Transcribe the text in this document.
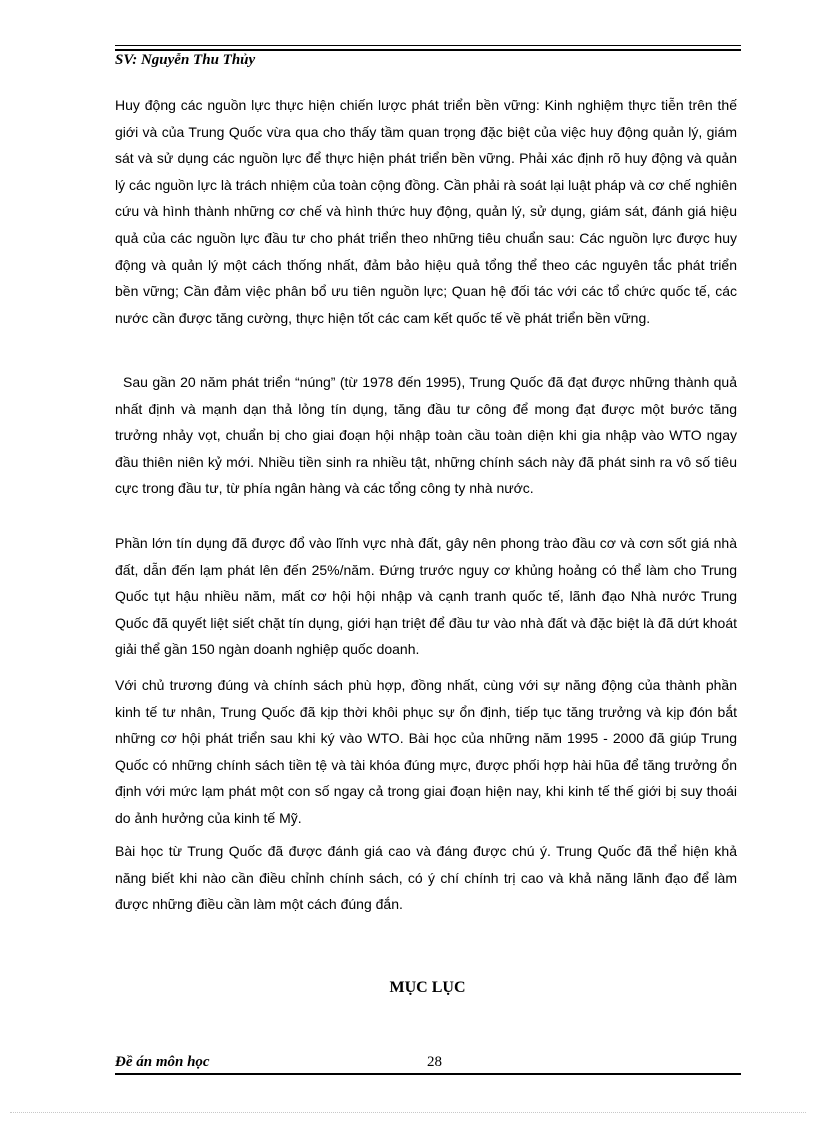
SV: Nguyễn Thu Thủy

Huy động các nguồn lực thực hiện chiến lược phát triển bền vững: Kinh nghiệm thực tiễn trên thế giới và của Trung Quốc vừa qua cho thấy tầm quan trọng đặc biệt của việc huy động quản lý, giám sát và sử dụng các nguồn lực để thực hiện phát triển bền vững. Phải xác định rõ huy động và quản lý các nguồn lực là trách nhiệm của toàn cộng đồng. Cần phải rà soát lại luật pháp và cơ chế nghiên cứu và hình thành những cơ chế và hình thức huy động, quản lý, sử dụng, giám sát, đánh giá hiệu quả của các nguồn lực đầu tư cho phát triển theo những tiêu chuẩn sau: Các nguồn lực được huy động và quản lý một cách thống nhất, đảm bảo hiệu quả tổng thể theo các nguyên tắc phát triển bền vững; Cần đảm việc phân bổ ưu tiên nguồn lực; Quan hệ đối tác với các tổ chức quốc tế, các nước cần được tăng cường, thực hiện tốt các cam kết quốc tế về phát triển bền vững.

Sau gần 20 năm phát triển “núng” (từ 1978 đến 1995), Trung Quốc đã đạt được những thành quả nhất định và mạnh dạn thả lỏng tín dụng, tăng đầu tư công để mong đạt được một bước tăng trưởng nhảy vọt, chuẩn bị cho giai đoạn hội nhập toàn cầu toàn diện khi gia nhập vào WTO ngay đầu thiên niên kỷ mới. Nhiều tiền sinh ra nhiều tật, những chính sách này đã phát sinh ra vô số tiêu cực trong đầu tư, từ phía ngân hàng và các tổng công ty nhà nước.

Phần lớn tín dụng đã được đổ vào lĩnh vực nhà đất, gây nên phong trào đầu cơ và cơn sốt giá nhà đất, dẫn đến lạm phát lên đến 25%/năm. Đứng trước nguy cơ khủng hoảng có thể làm cho Trung Quốc tụt hậu nhiều năm, mất cơ hội hội nhập và cạnh tranh quốc tế, lãnh đạo Nhà nước Trung Quốc đã quyết liệt siết chặt tín dụng, giới hạn triệt để đầu tư vào nhà đất và đặc biệt là đã dứt khoát giải thể gần 150 ngàn doanh nghiệp quốc doanh.

Với chủ trương đúng và chính sách phù hợp, đồng nhất, cùng với sự năng động của thành phần kinh tế tư nhân, Trung Quốc đã kịp thời khôi phục sự ổn định, tiếp tục tăng trưởng và kịp đón bắt những cơ hội phát triển sau khi ký vào WTO. Bài học của những năm 1995 - 2000 đã giúp Trung Quốc có những chính sách tiền tệ và tài khóa đúng mực, được phối hợp hài hũa để tăng trưởng ổn định với mức lạm phát một con số ngay cả trong giai đoạn hiện nay, khi kinh tế thế giới bị suy thoái do ảnh hưởng của kinh tế Mỹ.

Bài học từ Trung Quốc đã được đánh giá cao và đáng được chú ý. Trung Quốc đã thể hiện khả năng biết khi nào cần điều chỉnh chính sách, có ý chí chính trị cao và khả năng lãnh đạo để làm được những điều cần làm một cách đúng đắn.

MỤC LỤC
Đề án môn học	28
